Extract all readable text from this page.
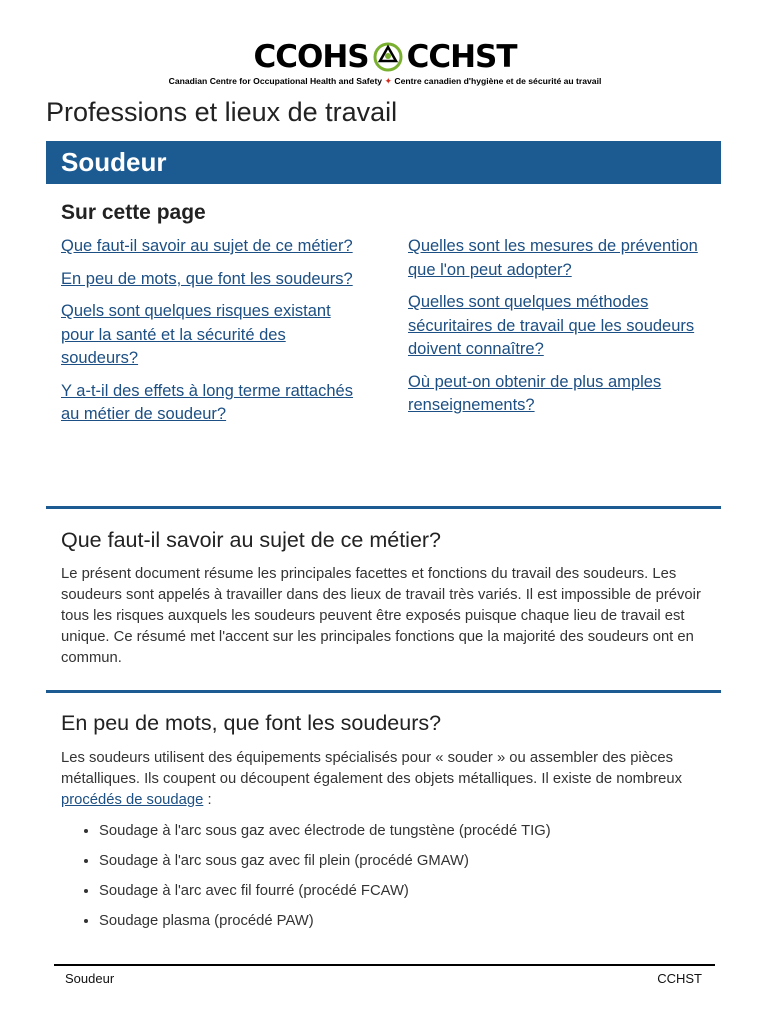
CCOHS CCHST
Canadian Centre for Occupational Health and Safety ✦ Centre canadien d'hygiène et de sécurité au travail
Professions et lieux de travail
Soudeur
Sur cette page
Que faut-il savoir au sujet de ce métier?
En peu de mots, que font les soudeurs?
Quels sont quelques risques existant pour la santé et la sécurité des soudeurs?
Y a-t-il des effets à long terme rattachés au métier de soudeur?
Quelles sont les mesures de prévention que l'on peut adopter?
Quelles sont quelques méthodes sécuritaires de travail que les soudeurs doivent connaître?
Où peut-on obtenir de plus amples renseignements?
Que faut-il savoir au sujet de ce métier?

Le présent document résume les principales facettes et fonctions du travail des soudeurs. Les soudeurs sont appelés à travailler dans des lieux de travail très variés. Il est impossible de prévoir tous les risques auxquels les soudeurs peuvent être exposés puisque chaque lieu de travail est unique. Ce résumé met l'accent sur les principales fonctions que la majorité des soudeurs ont en commun.

En peu de mots, que font les soudeurs?

Les soudeurs utilisent des équipements spécialisés pour « souder » ou assembler des pièces métalliques. Ils coupent ou découpent également des objets métalliques. Il existe de nombreux procédés de soudage :

• Soudage à l'arc sous gaz avec électrode de tungstène (procédé TIG)
• Soudage à l'arc sous gaz avec fil plein (procédé GMAW)
• Soudage à l'arc avec fil fourré (procédé FCAW)
• Soudage plasma (procédé PAW)
Soudeur	CCHST
